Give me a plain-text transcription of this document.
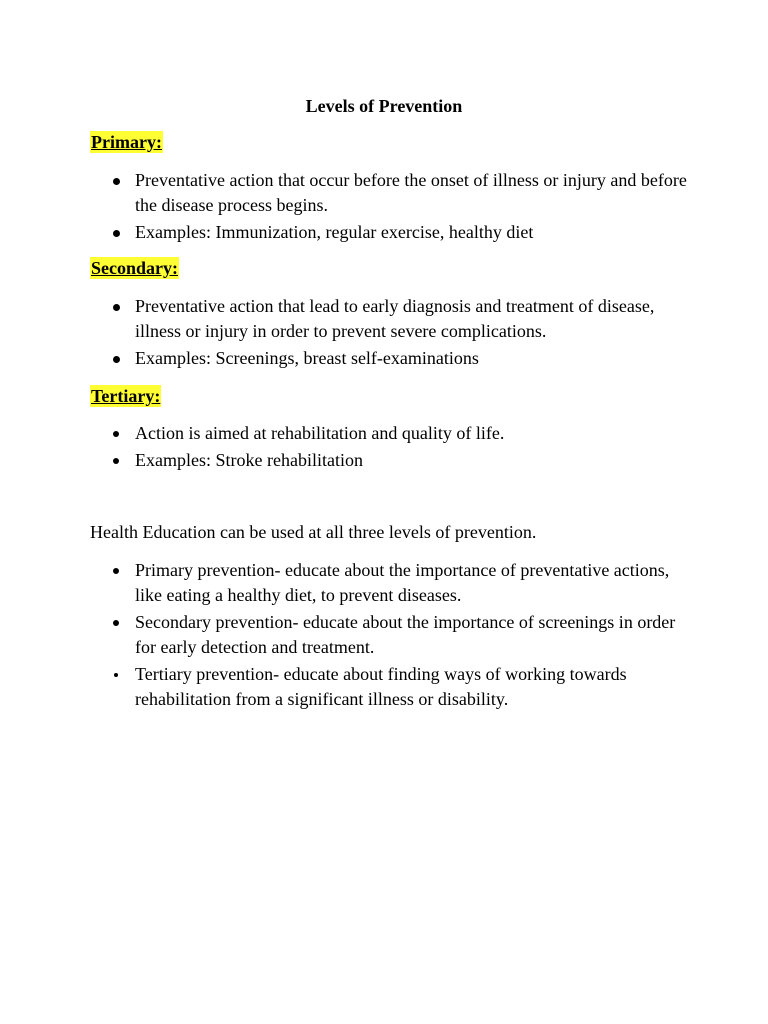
Levels of Prevention
Primary:
Preventative action that occur before the onset of illness or injury and before the disease process begins.
Examples: Immunization, regular exercise, healthy diet
Secondary:
Preventative action that lead to early diagnosis and treatment of disease, illness or injury in order to prevent severe complications.
Examples: Screenings, breast self-examinations
Tertiary:
Action is aimed at rehabilitation and quality of life.
Examples: Stroke rehabilitation
Health Education can be used at all three levels of prevention.
Primary prevention- educate about the importance of preventative actions, like eating a healthy diet, to prevent diseases.
Secondary prevention- educate about the importance of screenings in order for early detection and treatment.
Tertiary prevention- educate about finding ways of working towards rehabilitation from a significant illness or disability.
